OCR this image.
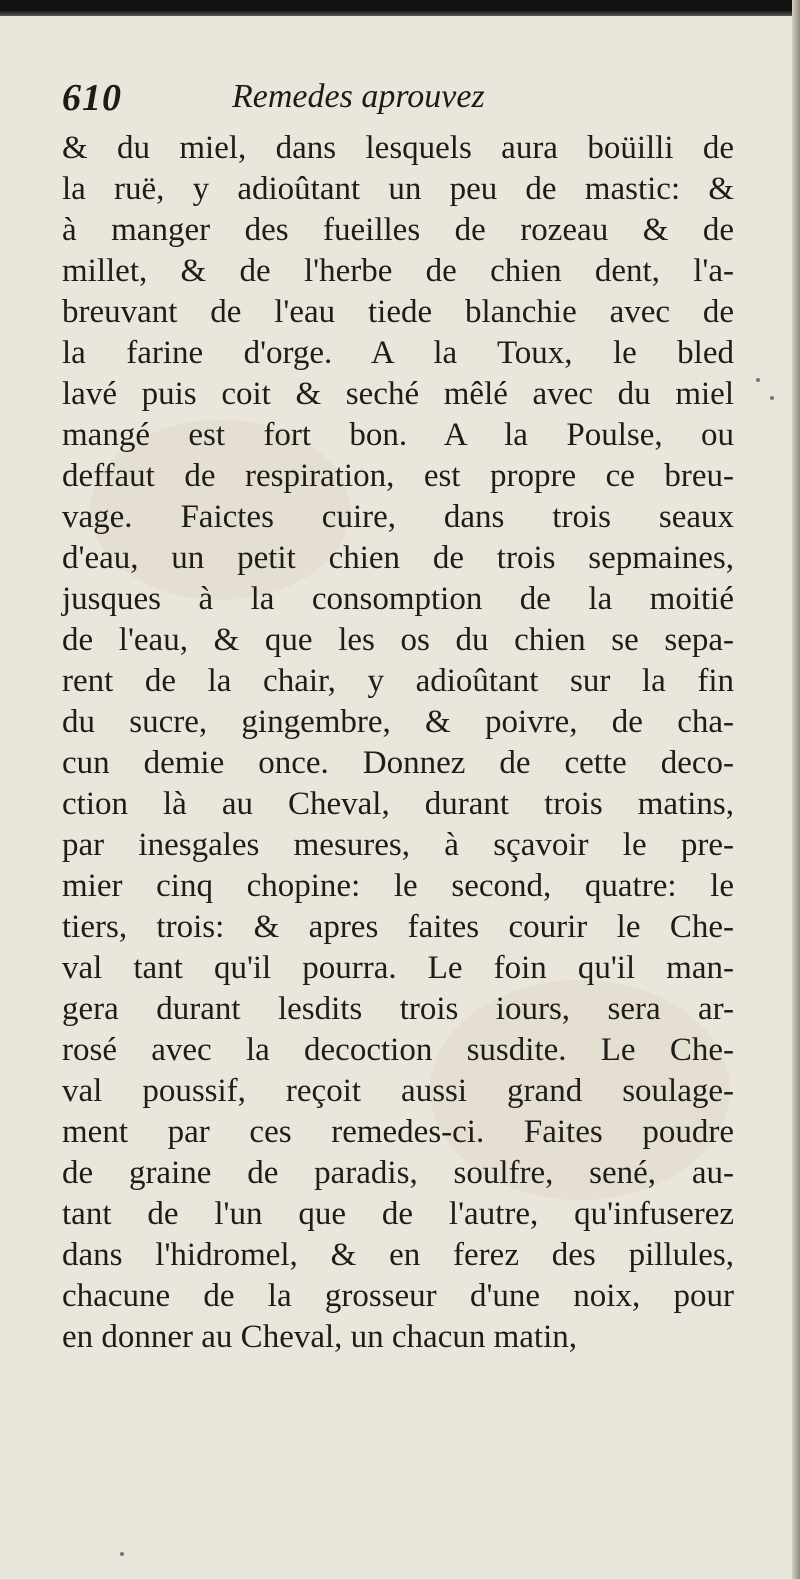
610	Remedes aprouvez
& du miel, dans lesquels aura boüilli de
la ruë, y adioûtant un peu de mastic: &
à manger des fueilles de rozeau & de
millet, & de l'herbe de chien dent, l'a-
breuvant de l'eau tiede blanchie avec de
la farine d'orge. A la Toux, le bled
lavé puis coit & seché mêlé avec du miel
mangé est fort bon. A la Poulse, ou
deffaut de respiration, est propre ce breu-
vage. Faictes cuire, dans trois seaux
d'eau, un petit chien de trois sepmaines,
jusques à la consomption de la moitié
de l'eau, & que les os du chien se sepa-
rent de la chair, y adioûtant sur la fin
du sucre, gingembre, & poivre, de cha-
cun demie once. Donnez de cette deco-
ction là au Cheval, durant trois matins,
par inesgales mesures, à sçavoir le pre-
mier cinq chopine: le second, quatre: le
tiers, trois: & apres faites courir le Che-
val tant qu'il pourra. Le foin qu'il man-
gera durant lesdits trois iours, sera ar-
rosé avec la decoction susdite. Le Che-
val poussif, reçoit aussi grand soulage-
ment par ces remedes-ci. Faites poudre
de graine de paradis, soulfre, sené, au-
tant de l'un que de l'autre, qu'infuserez
dans l'hidromel, & en ferez des pillules,
chacune de la grosseur d'une noix, pour
en donner au Cheval, un chacun matin,
